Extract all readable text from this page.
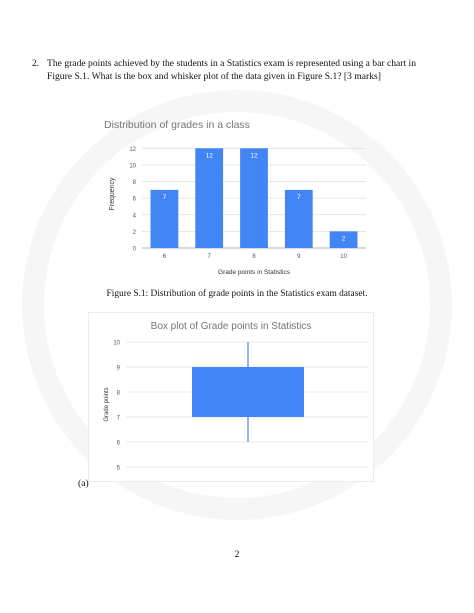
2. The grade points achieved by the students in a Statistics exam is represented using a bar chart in Figure S.1. What is the box and whisker plot of the data given in Figure S.1? [3 marks]
Distribution of grades in a class
0
2
4
6
8
10
12
7
6
12
7
12
8
7
9
2
10
Grade points in Statistics
Frequency
Figure S.1: Distribution of grade points in the Statistics exam dataset.
Box plot of Grade points in Statistics
5
6
7
8
9
10
Grade points
(a)
2
